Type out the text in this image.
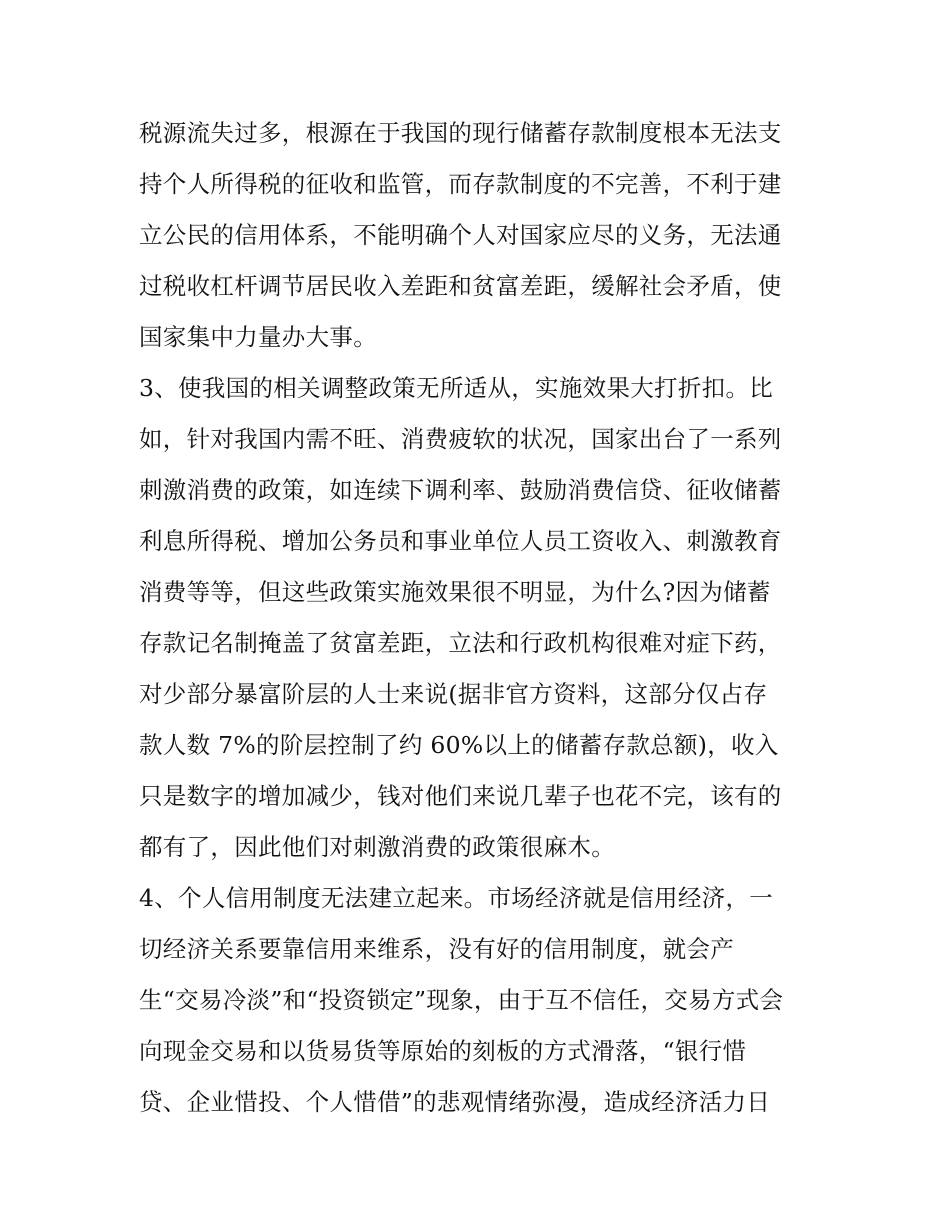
税源流失过多，根源在于我国的现行储蓄存款制度根本无法支
持个人所得税的征收和监管，而存款制度的不完善，不利于建
立公民的信用体系，不能明确个人对国家应尽的义务，无法通
过税收杠杆调节居民收入差距和贫富差距，缓解社会矛盾，使
国家集中力量办大事。
3、使我国的相关调整政策无所适从，实施效果大打折扣。比
如，针对我国内需不旺、消费疲软的状况，国家出台了一系列
刺激消费的政策，如连续下调利率、鼓励消费信贷、征收储蓄
利息所得税、增加公务员和事业单位人员工资收入、刺激教育
消费等等，但这些政策实施效果很不明显，为什么?因为储蓄
存款记名制掩盖了贫富差距，立法和行政机构很难对症下药，
对少部分暴富阶层的人士来说(据非官方资料，这部分仅占存
款人数 7%的阶层控制了约 60%以上的储蓄存款总额)，收入
只是数字的增加减少，钱对他们来说几辈子也花不完，该有的
都有了，因此他们对刺激消费的政策很麻木。
4、个人信用制度无法建立起来。市场经济就是信用经济，一
切经济关系要靠信用来维系，没有好的信用制度，就会产
生“交易冷淡”和“投资锁定”现象，由于互不信任，交易方式会
向现金交易和以货易货等原始的刻板的方式滑落，“银行惜
贷、企业惜投、个人惜借”的悲观情绪弥漫，造成经济活力日
